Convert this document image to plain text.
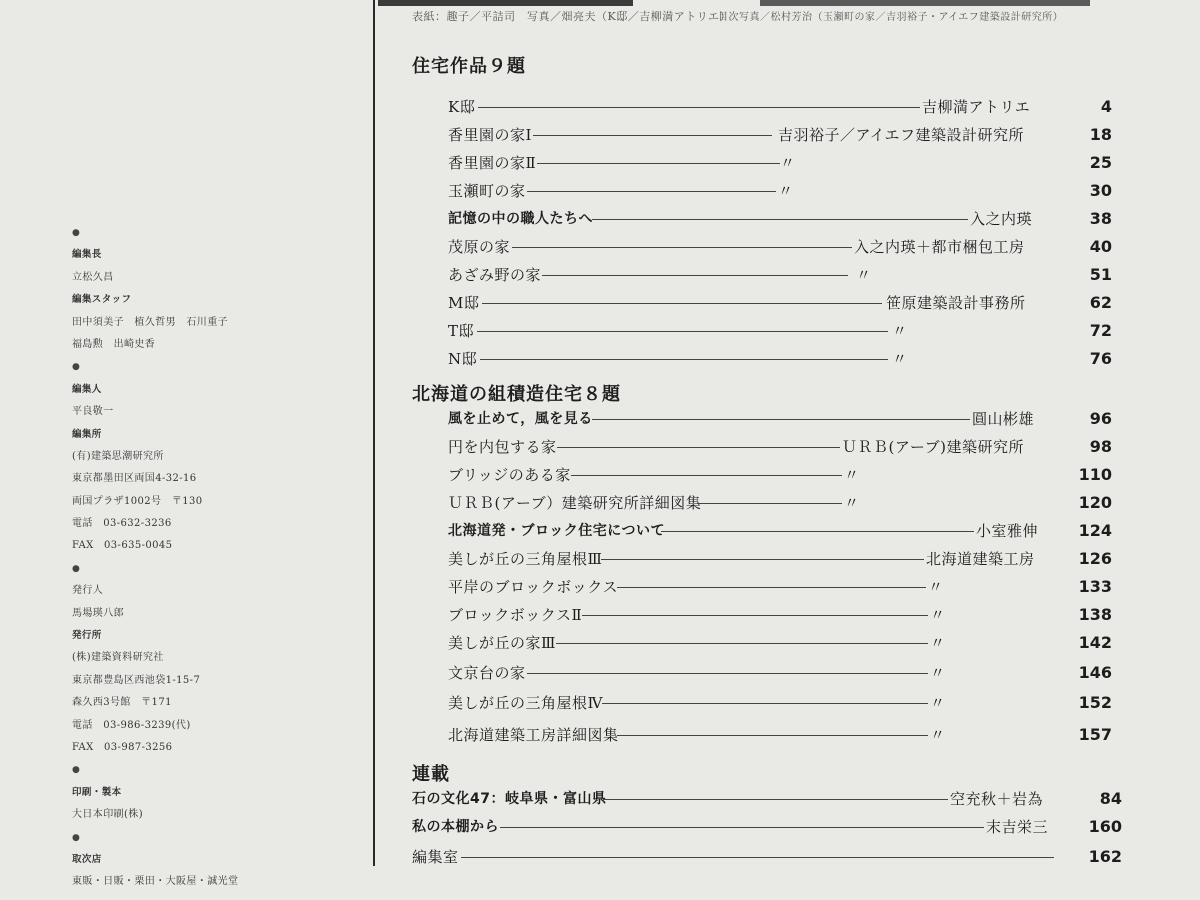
表紙：趣子／平詰司　写真／畑亮夫（K邸／吉柳満アトリエ）
目次写真／松村芳治（玉瀬町の家／吉羽裕子・アイエフ建築設計研究所）
●
編集長
立松久昌
編集スタッフ
田中須美子　植久哲男　石川重子
福島勲　出崎史香
●
編集人
平良敬一
編集所
(有)建築思潮研究所
東京都墨田区両国4-32-16
両国プラザ1002号　〒130
電話　03-632-3236
FAX　03-635-0045
●
発行人
馬場瑛八郎
発行所
(株)建築資料研究社
東京都豊島区西池袋1-15-7
森久西3号館　〒171
電話　03-986-3239(代)
FAX　03-987-3256
●
印刷・製本
大日本印刷(株)
●
取次店
東販・日販・栗田・大阪屋・誠光堂
住宅作品９題
北海道の組積造住宅８題
連載
K邸	吉柳満アトリエ	4
香里園の家Ⅰ	吉羽裕子／アイエフ建築設計研究所	18
香里園の家Ⅱ	〃	25
玉瀬町の家	〃	30
記憶の中の職人たちへ	入之内瑛	38
茂原の家	入之内瑛＋都市梱包工房	40
あざみ野の家	〃	51
M邸	笹原建築設計事務所	62
T邸	〃	72
N邸	〃	76
風を止めて，風を見る	圓山彬雄	96
円を内包する家	ＵＲＢ(アーブ)建築研究所	98
ブリッジのある家	〃	110
ＵＲＢ(アーブ）建築研究所詳細図集	〃	120
北海道発・ブロック住宅について	小室雅伸	124
美しが丘の三角屋根Ⅲ	北海道建築工房	126
平岸のブロックボックス	〃	133
ブロックボックスⅡ	〃	138
美しが丘の家Ⅲ	〃	142
文京台の家	〃	146
美しが丘の三角屋根Ⅳ	〃	152
北海道建築工房詳細図集	〃	157
石の文化47：岐阜県・富山県	空充秋＋岩為	84
私の本棚から	末吉栄三	160
編集室	162
